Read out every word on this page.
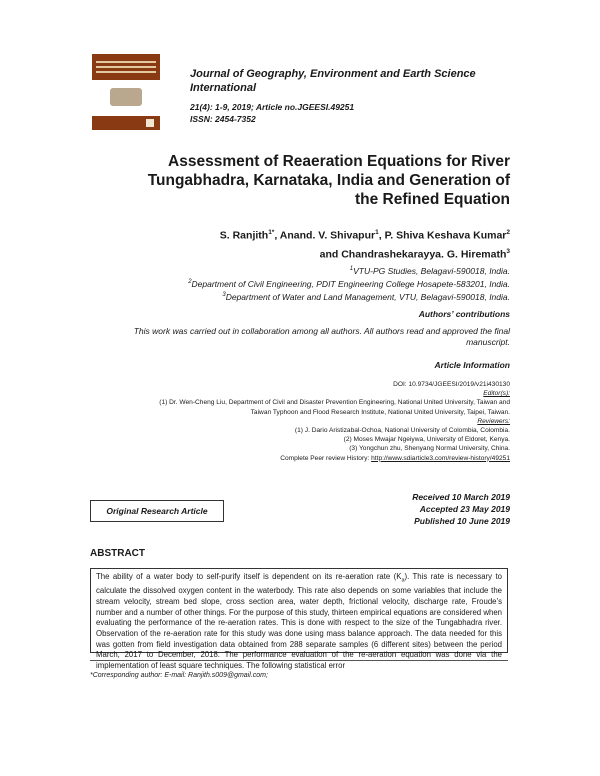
Journal of Geography, Environment and Earth Science International
21(4): 1-9, 2019; Article no.JGEESI.49251
ISSN: 2454-7352
Assessment of Reaeration Equations for River
Tungabhadra, Karnataka, India and Generation of
the Refined Equation
S. Ranjith$^{1*}$, Anand. V. Shivapur$^1$, P. Shiva Keshava Kumar$^2$
and Chandrashekarayya. G. Hiremath$^3$
$^1$VTU-PG Studies, Belagavi-590018, India.
$^2$Department of Civil Engineering, PDIT Engineering College Hosapete-583201, India.
$^3$Department of Water and Land Management, VTU, Belagavi-590018, India.
Authors’ contributions
This work was carried out in collaboration among all authors. All authors read and approved the final manuscript.
Article Information
DOI: 10.9734/JGEESI/2019/v21i430130
Editor(s):
(1) Dr. Wen-Cheng Liu, Department of Civil and Disaster Prevention Engineering, National United University, Taiwan and
Taiwan Typhoon and Flood Research Institute, National United University, Taipei, Taiwan.
Reviewers:
(1) J. Dario Aristizabal-Ochoa, National University of Colombia, Colombia.
(2) Moses Mwajar Ngeiywa, University of Eldoret, Kenya.
(3) Yongchun zhu, Shenyang Normal University, China.
Complete Peer review History: http://www.sdiarticle3.com/review-history/49251
Original Research Article
Received 10 March 2019
Accepted 23 May 2019
Published 10 June 2019
ABSTRACT
The ability of a water body to self-purify itself is dependent on its re-aeration rate $(K_a)$. This rate is necessary to calculate the dissolved oxygen content in the waterbody. This rate also depends on some variables that include the stream velocity, stream bed slope, cross section area, water depth, frictional velocity, discharge rate, Froude’s number and a number of other things. For the purpose of this study, thirteen empirical equations are considered when evaluating the performance of the re-aeration rates. This is done with respect to the size of the Tungabhadra river. Observation of the re-aeration rate for this study was done using mass balance approach. The data needed for this was gotten from field investigation data obtained from 288 separate samples (6 different sites) between the period March, 2017 to December, 2018. The performance evaluation of the re-aeration equation was done via the implementation of least square techniques. The following statistical error
*Corresponding author: E-mail: Ranjith.s009@gmail.com;
